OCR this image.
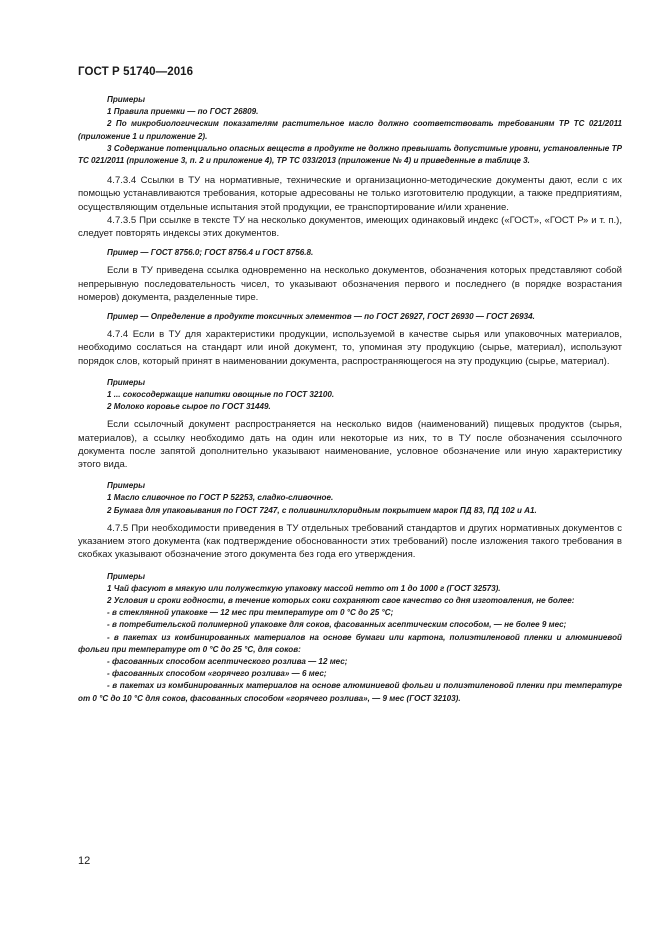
ГОСТ Р 51740—2016

Примеры

1 Правила приемки — по ГОСТ 26809.

2 По микробиологическим показателям растительное масло должно соответствовать требованиям ТР ТС 021/2011 (приложение 1 и приложение 2).

3 Содержание потенциально опасных веществ в продукте не должно превышать допустимые уровни, установленные ТР ТС 021/2011 (приложение 3, п. 2 и приложение 4), ТР ТС 033/2013 (приложение № 4) и приведенные в таблице 3.

4.7.3.4 Ссылки в ТУ на нормативные, технические и организационно-методические документы дают, если с их помощью устанавливаются требования, которые адресованы не только изготовителю продукции, а также предприятиям, осуществляющим отдельные испытания этой продукции, ее транспортирование и/или хранение.

4.7.3.5 При ссылке в тексте ТУ на несколько документов, имеющих одинаковый индекс («ГОСТ», «ГОСТ Р» и т. п.), следует повторять индексы этих документов.

Пример — ГОСТ 8756.0; ГОСТ 8756.4 и ГОСТ 8756.8.

Если в ТУ приведена ссылка одновременно на несколько документов, обозначения которых представляют собой непрерывную последовательность чисел, то указывают обозначения первого и последнего (в порядке возрастания номеров) документа, разделенные тире.

Пример — Определение в продукте токсичных элементов — по ГОСТ 26927, ГОСТ 26930 — ГОСТ 26934.

4.7.4 Если в ТУ для характеристики продукции, используемой в качестве сырья или упаковочных материалов, необходимо сослаться на стандарт или иной документ, то, упоминая эту продукцию (сырье, материал), используют порядок слов, который принят в наименовании документа, распространяющегося на эту продукцию (сырье, материал).

Примеры

1 ... сокосодержащие напитки овощные по ГОСТ 32100.

2 Молоко коровье сырое по ГОСТ 31449.

Если ссылочный документ распространяется на несколько видов (наименований) пищевых продуктов (сырья, материалов), а ссылку необходимо дать на один или некоторые из них, то в ТУ после обозначения ссылочного документа после запятой дополнительно указывают наименование, условное обозначение или иную характеристику этого вида.

Примеры

1 Масло сливочное по ГОСТ Р 52253, сладко-сливочное.

2 Бумага для упаковывания по ГОСТ 7247, с поливинилхлоридным покрытием марок ПД 83, ПД 102 и А1.

4.7.5 При необходимости приведения в ТУ отдельных требований стандартов и других нормативных документов с указанием этого документа (как подтверждение обоснованности этих требований) после изложения такого требования в скобках указывают обозначение этого документа без года его утверждения.

Примеры

1 Чай фасуют в мягкую или полужесткую упаковку массой нетто от 1 до 1000 г (ГОСТ 32573).

2 Условия и сроки годности, в течение которых соки сохраняют свое качество со дня изготовления, не более:

- в стеклянной упаковке — 12 мес при температуре от 0 °С до 25 °С;

- в потребительской полимерной упаковке для соков, фасованных асептическим способом, — не более 9 мес;

- в пакетах из комбинированных материалов на основе бумаги или картона, полиэтиленовой пленки и алюминиевой фольги при температуре от 0 °С до 25 °С, для соков:

- фасованных способом асептического розлива — 12 мес;

- фасованных способом «горячего розлива» — 6 мес;

- в пакетах из комбинированных материалов на основе алюминиевой фольги и полиэтиленовой пленки при температуре от 0 °С до 10 °С для соков, фасованных способом «горячего розлива», — 9 мес (ГОСТ 32103).

12
